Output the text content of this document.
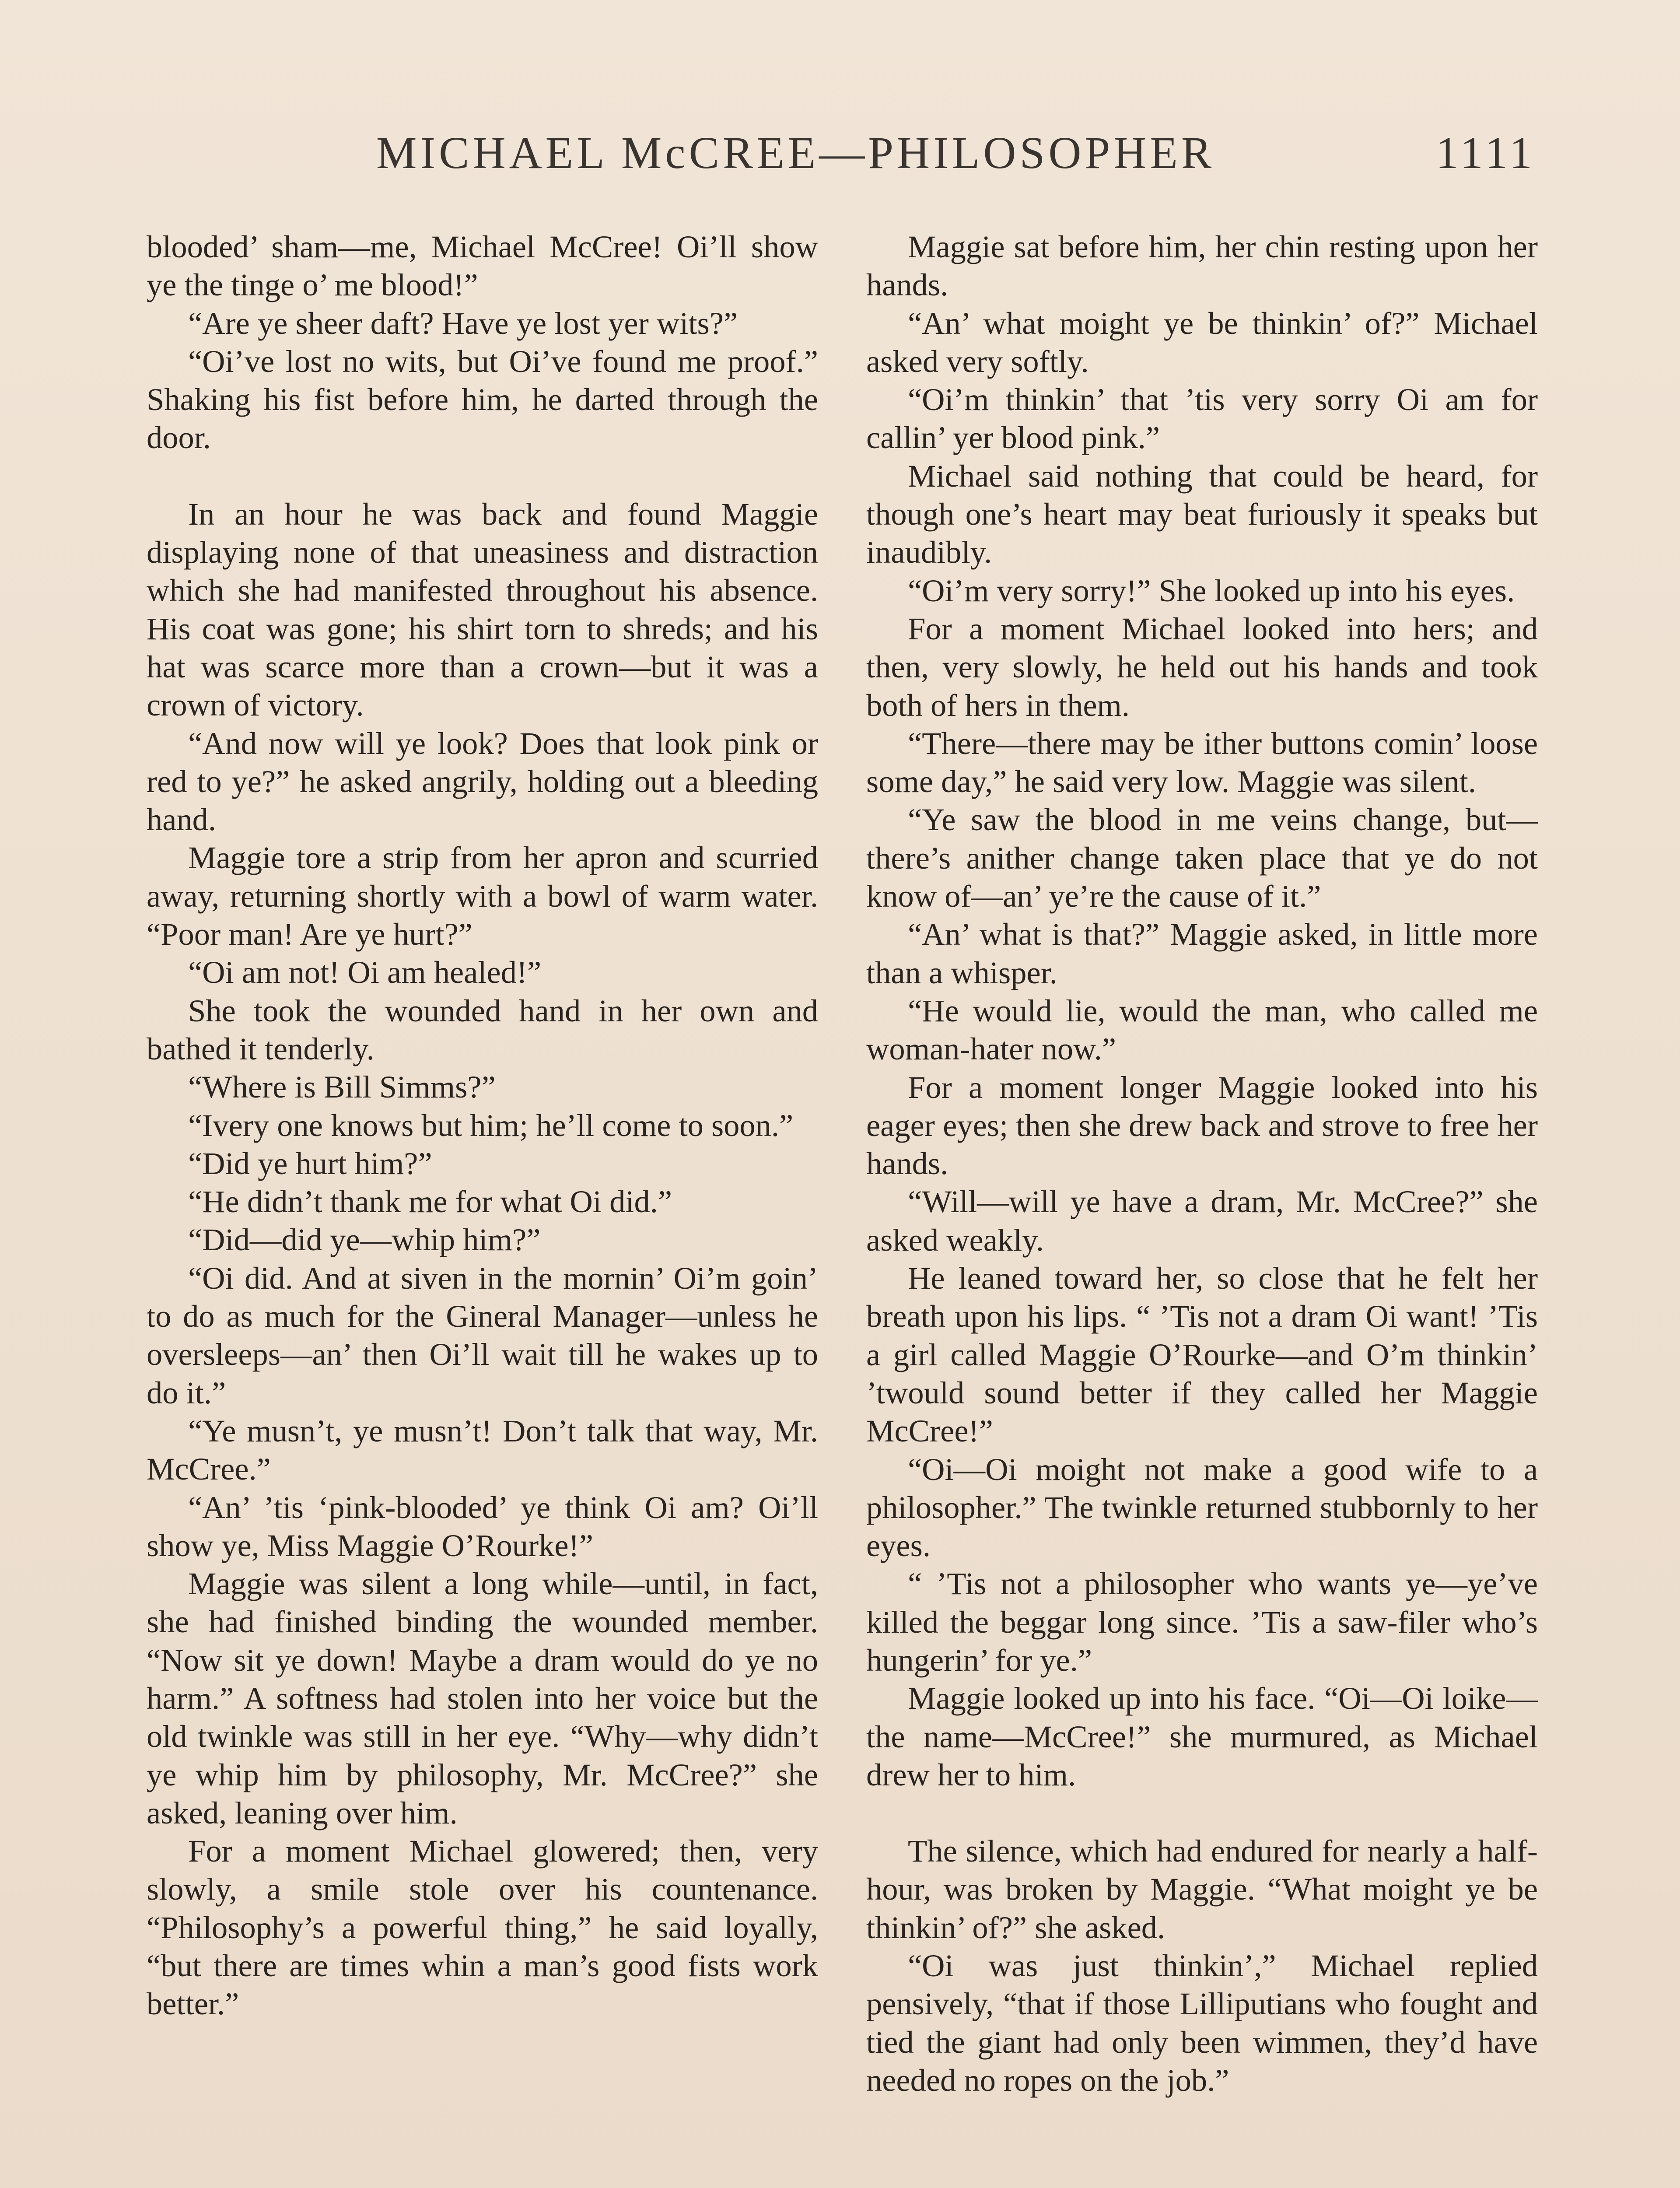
MICHAEL McCREE—PHILOSOPHER	1111

blooded’ sham—me, Michael McCree! Oi’ll show ye the tinge o’ me blood!”

“Are ye sheer daft? Have ye lost yer wits?”

“Oi’ve lost no wits, but Oi’ve found me proof.” Shaking his fist before him, he darted through the door.

In an hour he was back and found Maggie displaying none of that uneasiness and distraction which she had manifested throughout his absence. His coat was gone; his shirt torn to shreds; and his hat was scarce more than a crown—but it was a crown of victory.

“And now will ye look? Does that look pink or red to ye?” he asked angrily, holding out a bleeding hand.

Maggie tore a strip from her apron and scurried away, returning shortly with a bowl of warm water. “Poor man! Are ye hurt?”

“Oi am not! Oi am healed!”

She took the wounded hand in her own and bathed it tenderly.

“Where is Bill Simms?”

“Ivery one knows but him; he’ll come to soon.”

“Did ye hurt him?”

“He didn’t thank me for what Oi did.”

“Did—did ye—whip him?”

“Oi did. And at siven in the mornin’ Oi’m goin’ to do as much for the Gineral Manager—unless he oversleeps—an’ then Oi’ll wait till he wakes up to do it.”

“Ye musn’t, ye musn’t! Don’t talk that way, Mr. McCree.”

“An’ ’tis ‘pink-blooded’ ye think Oi am? Oi’ll show ye, Miss Maggie O’Rourke!”

Maggie was silent a long while—until, in fact, she had finished binding the wounded member. “Now sit ye down! Maybe a dram would do ye no harm.” A softness had stolen into her voice but the old twinkle was still in her eye. “Why—why didn’t ye whip him by philosophy, Mr. McCree?” she asked, leaning over him.

For a moment Michael glowered; then, very slowly, a smile stole over his countenance. “Philosophy’s a powerful thing,” he said loyally, “but there are times whin a man’s good fists work better.”

Maggie sat before him, her chin resting upon her hands.

“An’ what moight ye be thinkin’ of?” Michael asked very softly.

“Oi’m thinkin’ that ’tis very sorry Oi am for callin’ yer blood pink.”

Michael said nothing that could be heard, for though one’s heart may beat furiously it speaks but inaudibly.

“Oi’m very sorry!” She looked up into his eyes.

For a moment Michael looked into hers; and then, very slowly, he held out his hands and took both of hers in them.

“There—there may be ither buttons comin’ loose some day,” he said very low. Maggie was silent.

“Ye saw the blood in me veins change, but—there’s anither change taken place that ye do not know of—an’ ye’re the cause of it.”

“An’ what is that?” Maggie asked, in little more than a whisper.

“He would lie, would the man, who called me woman-hater now.”

For a moment longer Maggie looked into his eager eyes; then she drew back and strove to free her hands.

“Will—will ye have a dram, Mr. McCree?” she asked weakly.

He leaned toward her, so close that he felt her breath upon his lips. “ ’Tis not a dram Oi want! ’Tis a girl called Maggie O’Rourke—and O’m thinkin’ ’twould sound better if they called her Maggie McCree!”

“Oi—Oi moight not make a good wife to a philosopher.” The twinkle returned stubbornly to her eyes.

“ ’Tis not a philosopher who wants ye—ye’ve killed the beggar long since. ’Tis a saw-filer who’s hungerin’ for ye.”

Maggie looked up into his face. “Oi—Oi loike—the name—McCree!” she murmured, as Michael drew her to him.

The silence, which had endured for nearly a half-hour, was broken by Maggie. “What moight ye be thinkin’ of?” she asked.

“Oi was just thinkin’,” Michael replied pensively, “that if those Lilliputians who fought and tied the giant had only been wimmen, they’d have needed no ropes on the job.”
